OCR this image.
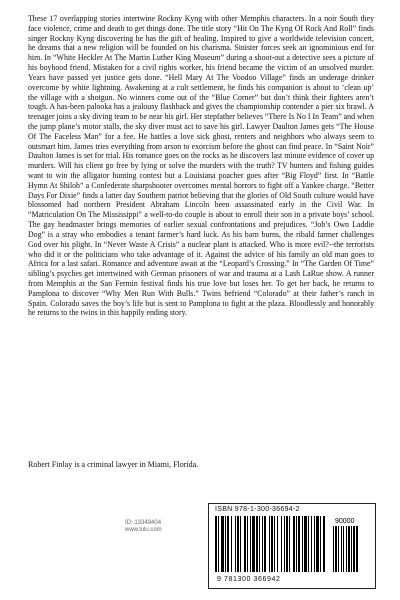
These 17 overlapping stories intertwine Rockny Kyng with other Memphis characters. In a noir South they face violence, crime and death to get things done. The title story “Hit On The Kyng Of Rock And Roll” finds singer Rockny Kyng discovering he has the gift of healing. Inspired to give a worldwide television concert, he dreams that a new religion will be founded on his charisma. Sinister forces seek an ignominious end for him. In “White Heckler At The Martin Luther King Museum” during a shoot-out a detective sees a picture of his boyhood friend. Mistaken for a civil rights worker, his friend became the victim of an unsolved murder. Years have passed yet justice gets done. “Hell Mary At The Voodoo Village” finds an underage drinker overcome by white lightning. Awakening at a cult settlement, he finds his companion is about to ‘clean up’ the village with a shotgun. No winners come out of the “Blue Corner” but don’t think their fighters aren’t tough. A has-been palooka has a jealousy flashback and gives the championship contender a pier six brawl. A teenager joins a sky diving team to be near his girl. Her stepfather believes “There Is No I In Team” and when the jump plane’s motor stalls, the sky diver must act to save his girl. Lawyer Daulton James gets “The House Of The Faceless Man” for a fee. He battles a love sick ghost, renters and neighbors who always seem to outsmart him. James tries everything from arson to exorcism before the ghost can find peace. In “Saint Noir” Daulton James is set for trial. His romance goes on the rocks as he discovers last minute evidence of cover up murders. Will his client go free by lying or solve the murders with the truth? TV hunters and fishing guides want to win the alligator hunting contest but a Louisiana poacher goes after “Big Floyd” first. In “Battle Hymn At Shiloh” a Confederate sharpshooter overcomes mental horrors to fight off a Yankee charge. “Better Days For Dixie” finds a latter day Southern patriot believing that the glories of Old South culture would have blossomed had northern President Abraham Lincoln been assassinated early in the Civil War. In “Matriculation On The Mississippi” a well-to-do couple is about to enroll their son in a private boys’ school. The gay headmaster brings memories of earlier sexual confrontations and prejudices. “Job’s Own Laddie Dog” is a stray who embodies a tenant farmer’s hard luck. As his barn burns, the ribald farmer challenges God over his plight. In “Never Waste A Crisis” a nuclear plant is attacked. Who is more evil?--the terrorists who did it or the politicians who take advantage of it. Against the advice of his family an old man goes to Africa for a last safari. Romance and adventure await at the “Leopard’s Crossing.” In “The Garden Of Time” sibling’s psyches get intertwined with German prisoners of war and trauma at a Lash LaRue show. A runner from Memphis at the San Fermin festival finds his true love but loses her. To get her back, he returns to Pamplona to discover “Why Men Run With Bulls.” Twins befriend “Colorado” at their father’s ranch in Spain. Colorado saves the boy’s life but is sent to Pamplona to fight at the plaza. Bloodlessly and honorably he returns to the twins in this happily ending story.

Robert Finlay is a criminal lawyer in Miami, Florida.

ID: 13349404
www.lulu.com
ISBN 978-1-300-36694-2
90000
9 781300 366942
